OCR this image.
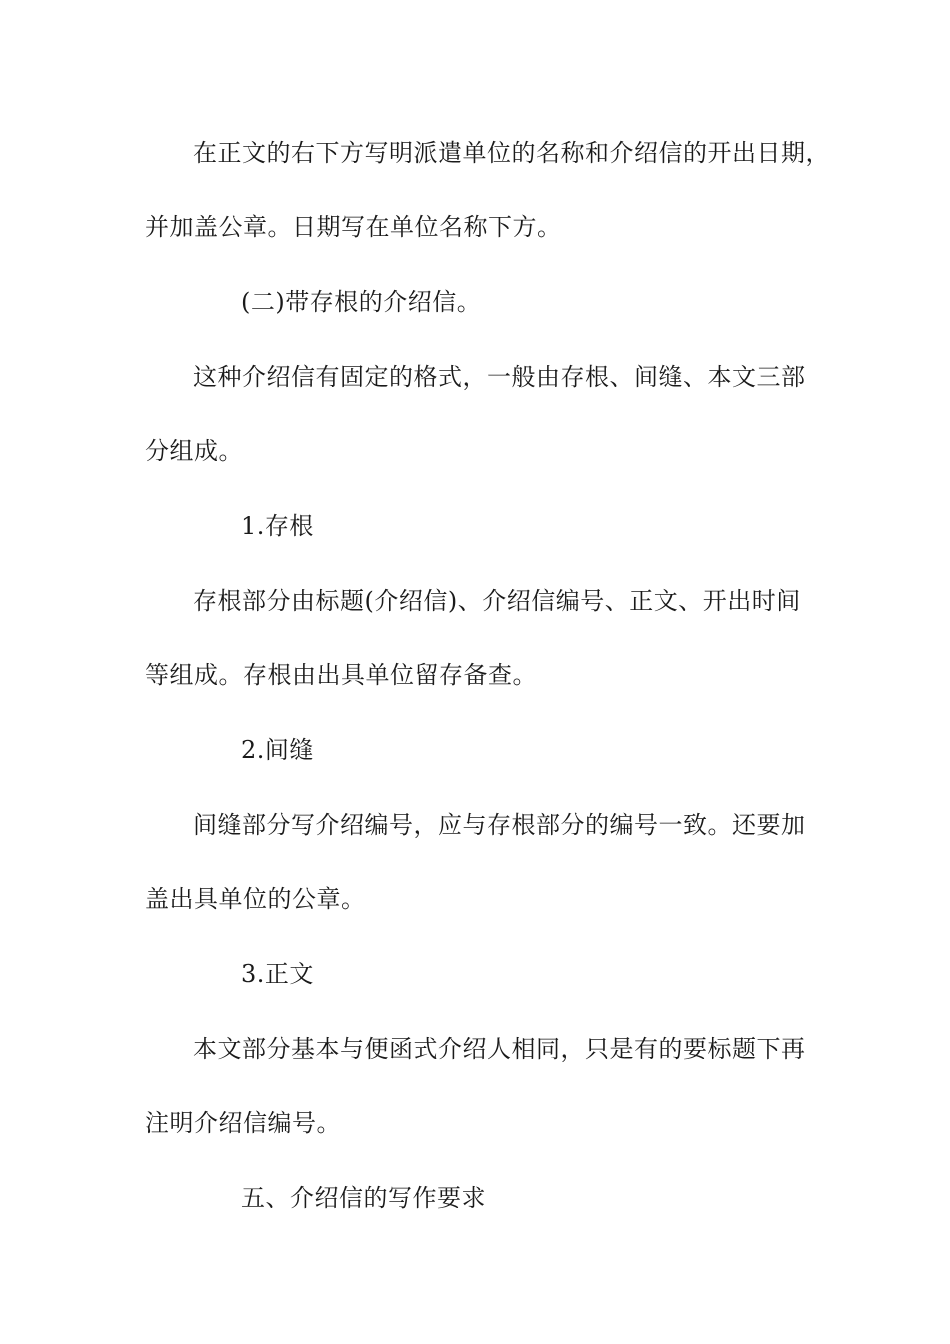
在正文的右下方写明派遣单位的名称和介绍信的开出日期，
并加盖公章。日期写在单位名称下方。
(二)带存根的介绍信。
这种介绍信有固定的格式，一般由存根、间缝、本文三部
分组成。
1.存根
存根部分由标题(介绍信)、介绍信编号、正文、开出时间
等组成。存根由出具单位留存备查。
2.间缝
间缝部分写介绍编号，应与存根部分的编号一致。还要加
盖出具单位的公章。
3.正文
本文部分基本与便函式介绍人相同，只是有的要标题下再
注明介绍信编号。
五、介绍信的写作要求
